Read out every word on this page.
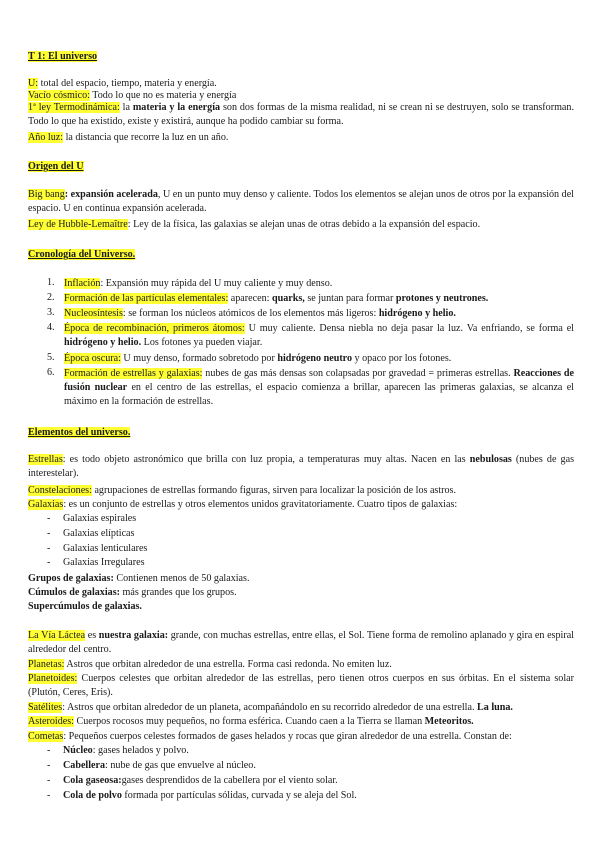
T 1: El universo

U: total del espacio, tiempo, materia y energía.

Vacío cósmico: Todo lo que no es materia y energía

1ª ley Termodinámica: la materia y la energía son dos formas de la misma realidad, ni se crean ni se destruyen, solo se transforman. Todo lo que ha existido, existe y existirá, aunque ha podido cambiar su forma.

Año luz: la distancia que recorre la luz en un año.

Origen del U

Big bang: expansión acelerada, U en un punto muy denso y caliente. Todos los elementos se alejan unos de otros por la expansión del espacio. U en continua expansión acelerada.

Ley de Hubble-Lemaître: Ley de la física, las galaxias se alejan unas de otras debido a la expansión del espacio.

Cronología del Universo.

1. Inflación: Expansión muy rápida del U muy caliente y muy denso.
2. Formación de las partículas elementales: aparecen: quarks, se juntan para formar protones y neutrones.
3. Nucleosíntesis: se forman los núcleos atómicos de los elementos más ligeros: hidrógeno y helio.
4. Época de recombinación, primeros átomos: U muy caliente. Densa niebla no deja pasar la luz. Va enfriando, se forma el hidrógeno y helio. Los fotones ya pueden viajar.
5. Época oscura: U muy denso, formado sobretodo por hidrógeno neutro y opaco por los fotones.
6. Formación de estrellas y galaxias: nubes de gas más densas son colapsadas por gravedad = primeras estrellas. Reacciones de fusión nuclear en el centro de las estrellas, el espacio comienza a brillar, aparecen las primeras galaxias, se alcanza el máximo en la formación de estrellas.

Elementos del universo.

Estrellas: es todo objeto astronómico que brilla con luz propia, a temperaturas muy altas. Nacen en las nebulosas (nubes de gas interestelar).

Constelaciones: agrupaciones de estrellas formando figuras, sirven para localizar la posición de los astros.

Galaxias: es un conjunto de estrellas y otros elementos unidos gravitatoriamente. Cuatro tipos de galaxias:

- Galaxias espirales
- Galaxias elípticas
- Galaxias lenticulares
- Galaxias Irregulares

Grupos de galaxias: Contienen menos de 50 galaxias.

Cúmulos de galaxias: más grandes que los grupos.

Supercúmulos de galaxias.

La Vía Láctea es nuestra galaxia: grande, con muchas estrellas, entre ellas, el Sol. Tiene forma de remolino aplanado y gira en espiral alrededor del centro.

Planetas: Astros que orbitan alrededor de una estrella. Forma casi redonda. No emiten luz.

Planetoides: Cuerpos celestes que orbitan alrededor de las estrellas, pero tienen otros cuerpos en sus órbitas. En el sistema solar (Plutón, Ceres, Eris).

Satélites: Astros que orbitan alrededor de un planeta, acompañándolo en su recorrido alrededor de una estrella. La luna.

Asteroides: Cuerpos rocosos muy pequeños, no forma esférica. Cuando caen a la Tierra se llaman Meteoritos.

Cometas: Pequeños cuerpos celestes formados de gases helados y rocas que giran alrededor de una estrella. Constan de:

- Núcleo: gases helados y polvo.
- Cabellera: nube de gas que envuelve al núcleo.
- Cola gaseosa:gases desprendidos de la cabellera por el viento solar.
- Cola de polvo formada por partículas sólidas, curvada y se aleja del Sol.
